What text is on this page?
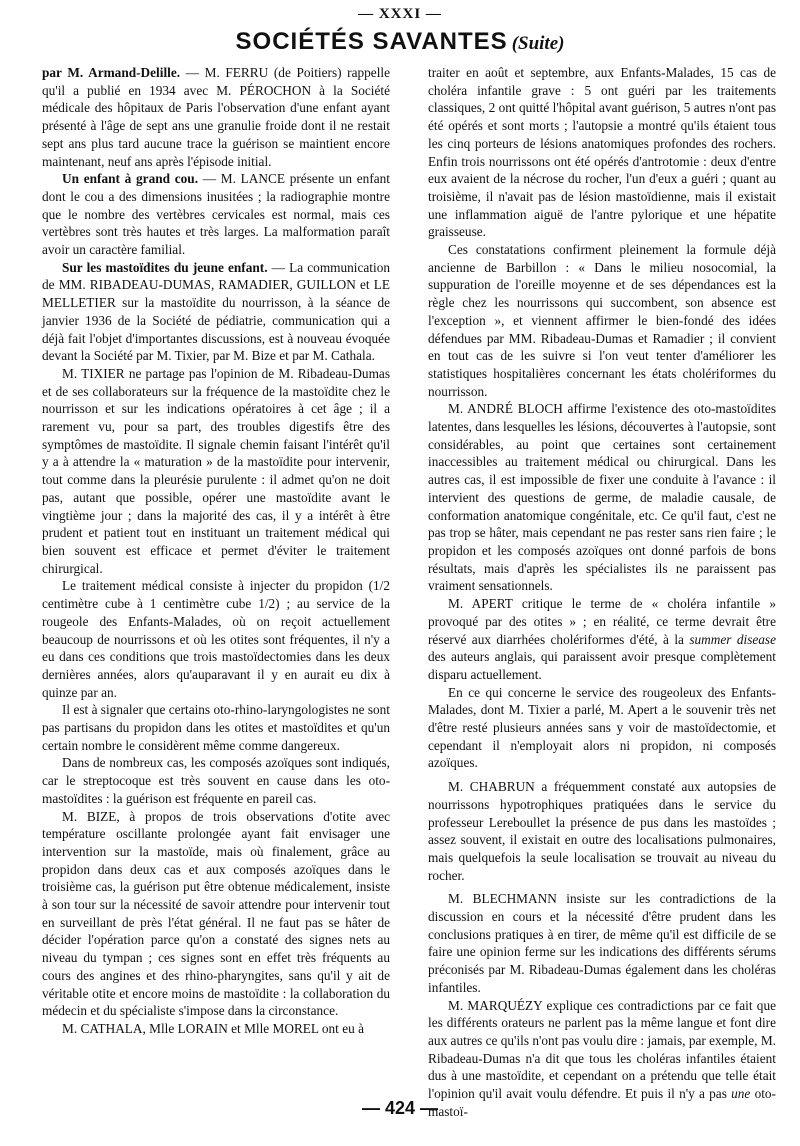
— XXXI —
SOCIÉTÉS SAVANTES (Suite)

par M. Armand-Delille. — M. FERRU (de Poitiers) rappelle qu'il a publié en 1934 avec M. PÉROCHON à la Société médicale des hôpitaux de Paris l'observation d'une enfant ayant présenté à l'âge de sept ans une granulie froide dont il ne restait sept ans plus tard aucune trace la guérison se maintient encore maintenant, neuf ans après l'épisode initial.

Un enfant à grand cou. — M. LANCE présente un enfant dont le cou a des dimensions inusitées ; la radiographie montre que le nombre des vertèbres cervicales est normal, mais ces vertèbres sont très hautes et très larges. La malformation paraît avoir un caractère familial.

Sur les mastoïdites du jeune enfant. — La communication de MM. RIBADEAU-DUMAS, RAMADIER, GUILLON et LE MELLETIER sur la mastoïdite du nourrisson, à la séance de janvier 1936 de la Société de pédiatrie, communication qui a déjà fait l'objet d'importantes discussions, est à nouveau évoquée devant la Société par M. Tixier, par M. Bize et par M. Cathala.

M. TIXIER ne partage pas l'opinion de M. Ribadeau-Dumas et de ses collaborateurs sur la fréquence de la mastoïdite chez le nourrisson et sur les indications opératoires à cet âge ; il a rarement vu, pour sa part, des troubles digestifs être des symptômes de mastoïdite. Il signale chemin faisant l'intérêt qu'il y a à attendre la « maturation » de la mastoïdite pour intervenir, tout comme dans la pleurésie purulente : il admet qu'on ne doit pas, autant que possible, opérer une mastoïdite avant le vingtième jour ; dans la majorité des cas, il y a intérêt à être prudent et patient tout en instituant un traitement médical qui bien souvent est efficace et permet d'éviter le traitement chirurgical.

Le traitement médical consiste à injecter du propidon (1/2 centimètre cube à 1 centimètre cube 1/2) ; au service de la rougeole des Enfants-Malades, où on reçoit actuellement beaucoup de nourrissons et où les otites sont fréquentes, il n'y a eu dans ces conditions que trois mastoïdectomies dans les deux dernières années, alors qu'auparavant il y en aurait eu dix à quinze par an.

Il est à signaler que certains oto-rhino-laryngologistes ne sont pas partisans du propidon dans les otites et mastoïdites et qu'un certain nombre le considèrent même comme dangereux.

Dans de nombreux cas, les composés azoïques sont indiqués, car le streptocoque est très souvent en cause dans les oto-mastoïdites : la guérison est fréquente en pareil cas.

M. BIZE, à propos de trois observations d'otite avec température oscillante prolongée ayant fait envisager une intervention sur la mastoïde, mais où finalement, grâce au propidon dans deux cas et aux composés azoïques dans le troisième cas, la guérison put être obtenue médicalement, insiste à son tour sur la nécessité de savoir attendre pour intervenir tout en surveillant de près l'état général. Il ne faut pas se hâter de décider l'opération parce qu'on a constaté des signes nets au niveau du tympan ; ces signes sont en effet très fréquents au cours des angines et des rhino-pharyngites, sans qu'il y ait de véritable otite et encore moins de mastoïdite : la collaboration du médecin et du spécialiste s'impose dans la circonstance.

M. CATHALA, Mlle LORAIN et Mlle MOREL ont eu à

traiter en août et septembre, aux Enfants-Malades, 15 cas de choléra infantile grave : 5 ont guéri par les traitements classiques, 2 ont quitté l'hôpital avant guérison, 5 autres n'ont pas été opérés et sont morts ; l'autopsie a montré qu'ils étaient tous les cinq porteurs de lésions anatomiques profondes des rochers. Enfin trois nourrissons ont été opérés d'antrotomie : deux d'entre eux avaient de la nécrose du rocher, l'un d'eux a guéri ; quant au troisième, il n'avait pas de lésion mastoïdienne, mais il existait une inflammation aiguë de l'antre pylorique et une hépatite graisseuse.

Ces constatations confirment pleinement la formule déjà ancienne de Barbillon : « Dans le milieu nosocomial, la suppuration de l'oreille moyenne et de ses dépendances est la règle chez les nourrissons qui succombent, son absence est l'exception », et viennent affirmer le bien-fondé des idées défendues par MM. Ribadeau-Dumas et Ramadier ; il convient en tout cas de les suivre si l'on veut tenter d'améliorer les statistiques hospitalières concernant les états cholériformes du nourrisson.

M. ANDRÉ BLOCH affirme l'existence des oto-mastoïdites latentes, dans lesquelles les lésions, découvertes à l'autopsie, sont considérables, au point que certaines sont certainement inaccessibles au traitement médical ou chirurgical. Dans les autres cas, il est impossible de fixer une conduite à l'avance : il intervient des questions de germe, de maladie causale, de conformation anatomique congénitale, etc. Ce qu'il faut, c'est ne pas trop se hâter, mais cependant ne pas rester sans rien faire ; le propidon et les composés azoïques ont donné parfois de bons résultats, mais d'après les spécialistes ils ne paraissent pas vraiment sensationnels.

M. APERT critique le terme de « choléra infantile » provoqué par des otites » ; en réalité, ce terme devrait être réservé aux diarrhées cholériformes d'été, à la summer disease des auteurs anglais, qui paraissent avoir presque complètement disparu actuellement.

En ce qui concerne le service des rougeoleux des Enfants-Malades, dont M. Tixier a parlé, M. Apert a le souvenir très net d'être resté plusieurs années sans y voir de mastoïdectomie, et cependant il n'employait alors ni propidon, ni composés azoïques.

M. CHABRUN a fréquemment constaté aux autopsies de nourrissons hypotrophiques pratiquées dans le service du professeur Lereboullet la présence de pus dans les mastoïdes ; assez souvent, il existait en outre des localisations pulmonaires, mais quelquefois la seule localisation se trouvait au niveau du rocher.

M. BLECHMANN insiste sur les contradictions de la discussion en cours et la nécessité d'être prudent dans les conclusions pratiques à en tirer, de même qu'il est difficile de se faire une opinion ferme sur les indications des différents sérums préconisés par M. Ribadeau-Dumas également dans les choléras infantiles.

M. MARQUÉZY explique ces contradictions par ce fait que les différents orateurs ne parlent pas la même langue et font dire aux autres ce qu'ils n'ont pas voulu dire : jamais, par exemple, M. Ribadeau-Dumas n'a dit que tous les choléras infantiles étaient dus à une mastoïdite, et cependant on a prétendu que telle était l'opinion qu'il avait voulu défendre. Et puis il n'y a pas une oto-mastoï-

— 424 —
